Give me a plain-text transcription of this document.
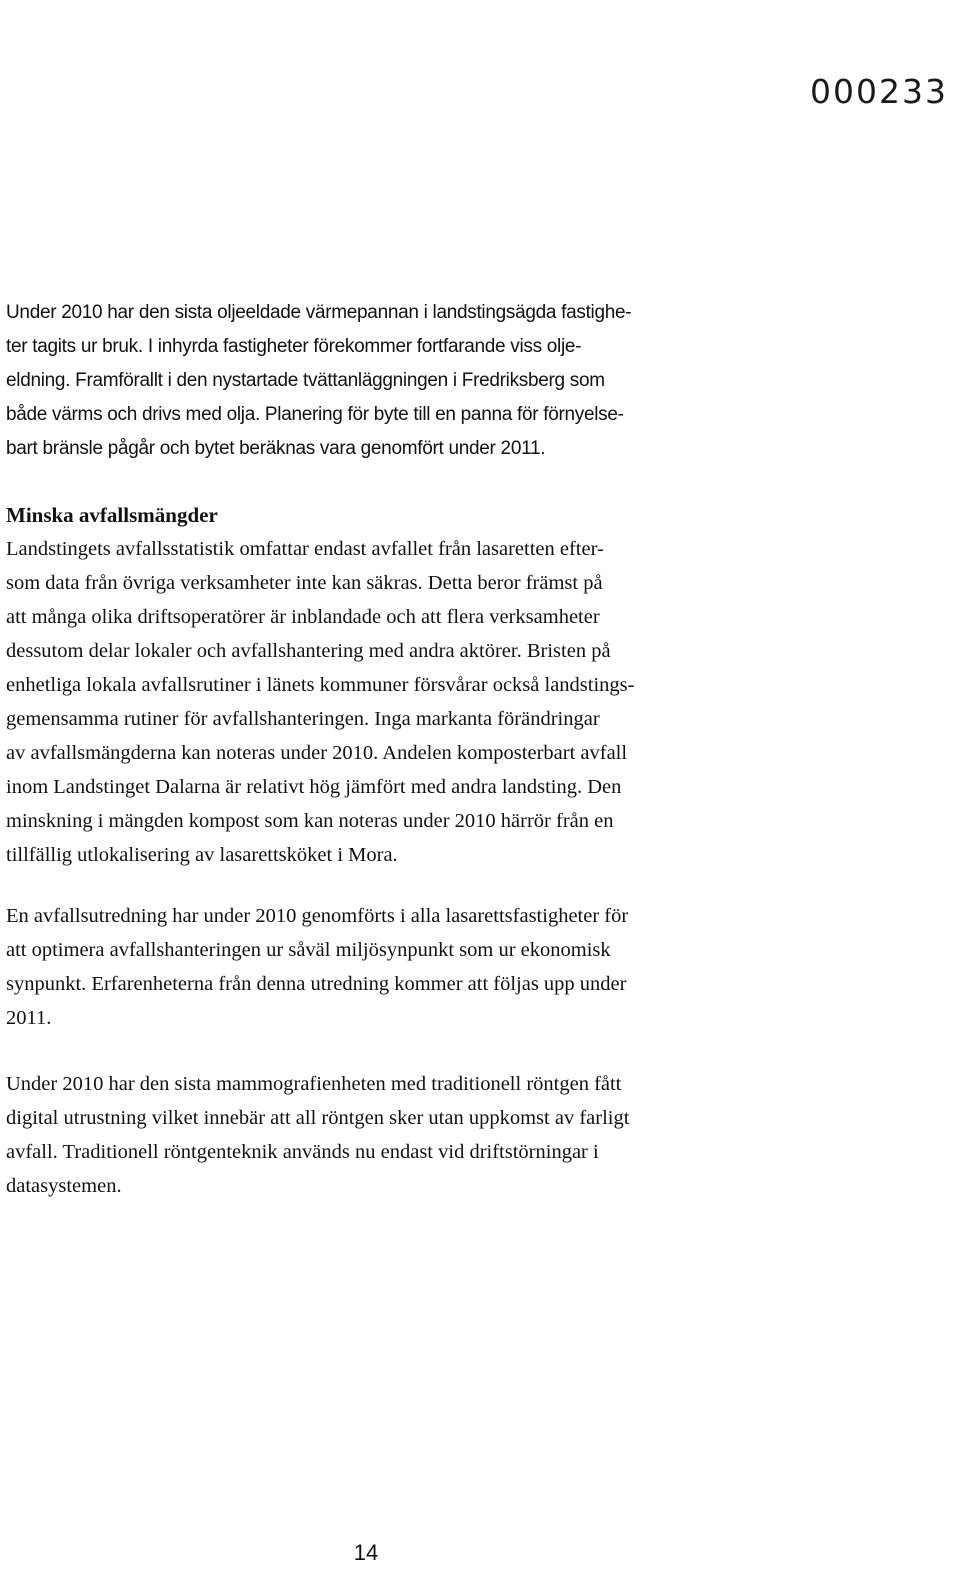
000233

Under 2010 har den sista oljeeldade värmepannan i landstingsägda fastighe-
ter tagits ur bruk. I inhyrda fastigheter förekommer fortfarande viss olje-
eldning. Framförallt i den nystartade tvättanläggningen i Fredriksberg som
både värms och drivs med olja. Planering för byte till en panna för förnyelse-
bart bränsle pågår och bytet beräknas vara genomfört under 2011.

Minska avfallsmängder

Landstingets avfallsstatistik omfattar endast avfallet från lasaretten efter-
som data från övriga verksamheter inte kan säkras. Detta beror främst på
att många olika driftsoperatörer är inblandade och att flera verksamheter
dessutom delar lokaler och avfallshantering med andra aktörer. Bristen på
enhetliga lokala avfallsrutiner i länets kommuner försvårar också landstings-
gemensamma rutiner för avfallshanteringen. Inga markanta förändringar
av avfallsmängderna kan noteras under 2010. Andelen komposterbart avfall
inom Landstinget Dalarna är relativt hög jämfört med andra landsting. Den
minskning i mängden kompost som kan noteras under 2010 härrör från en
tillfällig utlokalisering av lasarettsköket i Mora.

En avfallsutredning har under 2010 genomförts i alla lasarettsfastigheter för
att optimera avfallshanteringen ur såväl miljösynpunkt som ur ekonomisk
synpunkt. Erfarenheterna från denna utredning kommer att följas upp under
2011.

Under 2010 har den sista mammografienheten med traditionell röntgen fått
digital utrustning vilket innebär att all röntgen sker utan uppkomst av farligt
avfall. Traditionell röntgenteknik används nu endast vid driftstörningar i
datasystemen.

14
